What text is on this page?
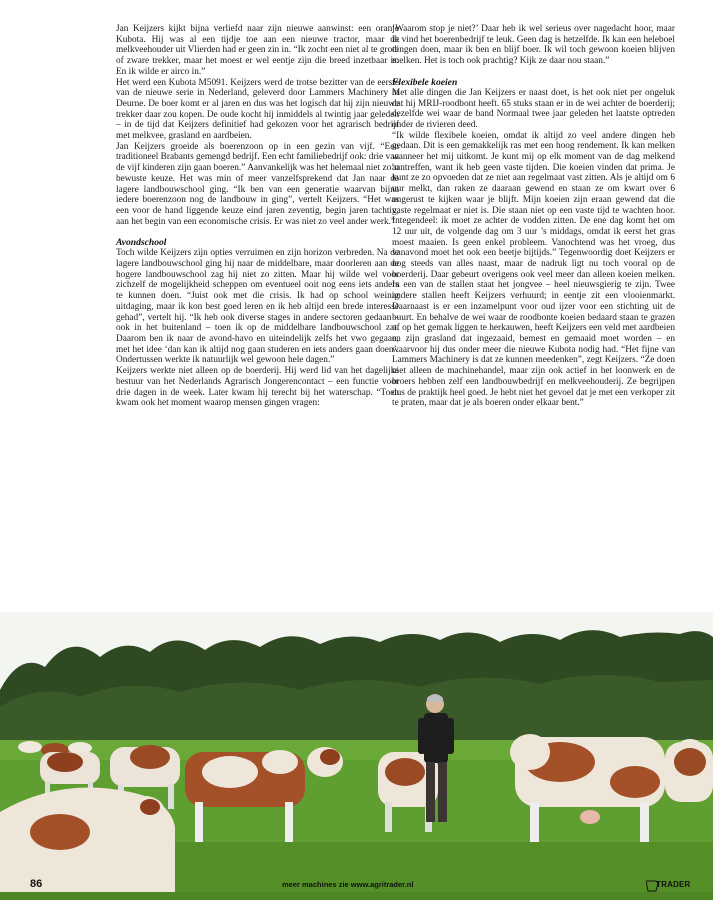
Jan Keijzers kijkt bijna verliefd naar zijn nieuwe aanwinst: een oranje Kubota. Hij was al een tijdje toe aan een nieuwe tractor, maar de melkveehouder uit Vlierden had er geen zin in. “Ik zocht een niet al te grote of zware trekker, maar het moest er wel eentje zijn die breed inzetbaar is. En ik wilde er airco in.”

Het werd een Kubota M5091. Keijzers werd de trotse bezitter van de eerste van de nieuwe serie in Nederland, geleverd door Lammers Machinery in Deurne. De boer komt er al jaren en dus was het logisch dat hij zijn nieuwe trekker daar zou kopen. De oude kocht hij inmiddels al twintig jaar geleden – in de tijd dat Keijzers definitief had gekozen voor het agrarisch bedrijf met melkvee, grasland en aardbeien.

Jan Keijzers groeide als boerenzoon op in een gezin van vijf. “Een traditioneel Brabants gemengd bedrijf. Een echt familiebedrijf ook: drie van de vijf kinderen zijn gaan boeren.” Aanvankelijk was het helemaal niet zo’n bewuste keuze. Het was min of meer vanzelfsprekend dat Jan naar de lagere landbouwschool ging. “Ik ben van een generatie waarvan bijna iedere boerenzoon nog de landbouw in ging”, vertelt Keijzers. “Het was een voor de hand liggende keuze eind jaren zeventig, begin jaren tachtig, aan het begin van een economische crisis. Er was niet zo veel ander werk.”

Avondschool

Toch wilde Keijzers zijn opties verruimen en zijn horizon verbreden. Na de lagere landbouwschool ging hij naar de middelbare, maar doorleren aan de hogere landbouwschool zag hij niet zo zitten. Maar hij wilde wel voor zichzelf de mogelijkheid scheppen om eventueel ooit nog eens iets anders te kunnen doen. “Juist ook met die crisis. Ik had op school weinig uitdaging, maar ik kon best goed leren en ik heb altijd een brede interesse gehad”, vertelt hij. “Ik heb ook diverse stages in andere sectoren gedaan – ook in het buitenland – toen ik op de middelbare landbouwschool zat. Daarom ben ik naar de avond-havo en uiteindelijk zelfs het vwo gegaan, met het idee ‘dan kan ik altijd nog gaan studeren en iets anders gaan doen’. Ondertussen werkte ik natuurlijk wel gewoon hele dagen.”

Keijzers werkte niet alleen op de boerderij. Hij werd lid van het dagelijks bestuur van het Nederlands Agrarisch Jongerencontact – een functie voor drie dagen in de week. Later kwam hij terecht bij het waterschap. “Toen kwam ook het moment waarop mensen gingen vragen:

‘Waarom stop je niet?’ Daar heb ik wel serieus over nagedacht hoor, maar ik vind het boerenbedrijf te leuk. Geen dag is hetzelfde. Ik kan een heleboel dingen doen, maar ik ben en blijf boer. Ik wil toch gewoon koeien blijven melken. Het is toch ook prachtig? Kijk ze daar nou staan.”

Flexibele koeien

Met alle dingen die Jan Keijzers er naast doet, is het ook niet per ongeluk dat hij MRIJ-roodbont heeft. 65 stuks staan er in de wei achter de boerderij; dezelfde wei waar de band Normaal twee jaar geleden het laatste optreden onder de rivieren deed.

“Ik wilde flexibele koeien, omdat ik altijd zo veel andere dingen heb gedaan. Dit is een gemakkelijk ras met een hoog rendement. Ik kan melken wanneer het mij uitkomt. Je kunt mij op elk moment van de dag melkend aantreffen, want ik heb geen vaste tijden. Die koeien vinden dat prima. Je kunt ze zo opvoeden dat ze niet aan regelmaat vast zitten. Als je altijd om 6 uur melkt, dan raken ze daaraan gewend en staan ze om kwart over 6 ongerust te kijken waar je blijft. Mijn koeien zijn eraan gewend dat die vaste regelmaat er niet is. Die staan niet op een vaste tijd te wachten hoor. Integendeel: ik moet ze achter de vodden zitten. De ene dag komt het om 12 uur uit, de volgende dag om 3 uur ’s middags, omdat ik eerst het gras moest maaien. Is geen enkel probleem. Vanochtend was het vroeg, dus vanavond moet het ook een beetje bijtijds.” Tegenwoordig doet Keijzers er nog steeds van alles naast, maar de nadruk ligt nu toch vooral op de boerderij. Daar gebeurt overigens ook veel meer dan alleen koeien melken. In een van de stallen staat het jongvee – heel nieuwsgierig te zijn. Twee andere stallen heeft Keijzers verhuurd; in eentje zit een vlooienmarkt. Daarnaast is er een inzamelpunt voor oud ijzer voor een stichting uit de buurt. En behalve de wei waar de roodbonte koeien bedaard staan te grazen of op het gemak liggen te herkauwen, heeft Keijzers een veld met aardbeien en zijn grasland dat ingezaaid, bemest en gemaaid moet worden – en waarvoor hij dus onder meer die nieuwe Kubota nodig had. “Het fijne van Lammers Machinery is dat ze kunnen meedenken”, zegt Keijzers. “Ze doen niet alleen de machinehandel, maar zijn ook actief in het loonwerk en de broers hebben zelf een landbouwbedrijf en melkveehouderij. Ze begrijpen dus de praktijk heel goed. Je hebt niet het gevoel dat je met een verkoper zit te praten, maar dat je als boeren onder elkaar bent.”

86	meer machines zie www.agritrader.nl	TRADER
